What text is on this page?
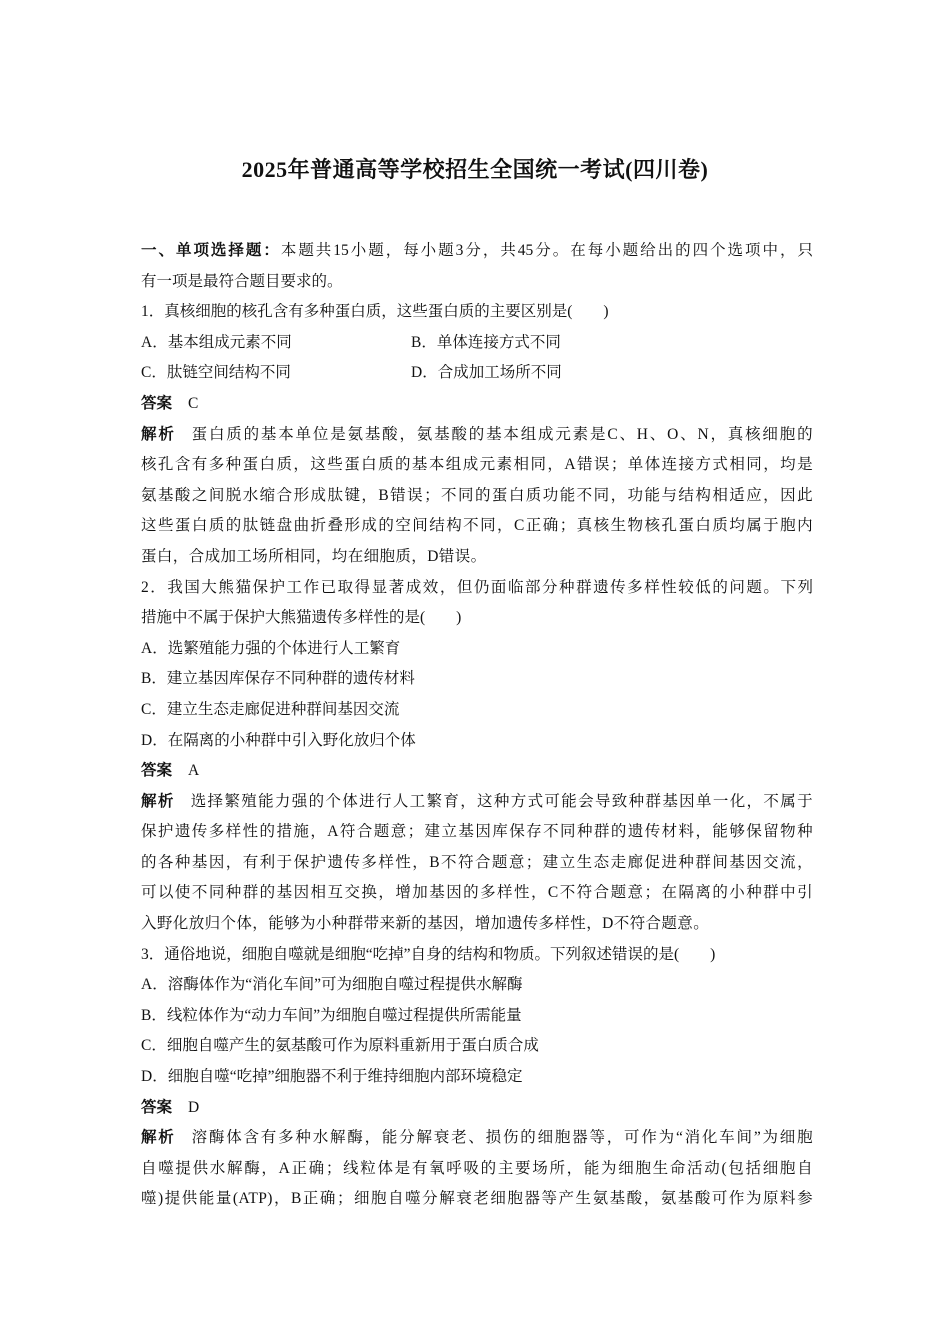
2025年普通高等学校招生全国统一考试(四川卷)
一、单项选择题：本题共15小题，每小题3分，共45分。在每小题给出的四个选项中，只
有一项是最符合题目要求的。
1．真核细胞的核孔含有多种蛋白质，这些蛋白质的主要区别是(　　)
A．基本组成元素不同	B．单体连接方式不同
C．肽链空间结构不同	D．合成加工场所不同
答案 C
解析 蛋白质的基本单位是氨基酸，氨基酸的基本组成元素是C、H、O、N，真核细胞的
核孔含有多种蛋白质，这些蛋白质的基本组成元素相同，A错误；单体连接方式相同，均是
氨基酸之间脱水缩合形成肽键，B错误；不同的蛋白质功能不同，功能与结构相适应，因此
这些蛋白质的肽链盘曲折叠形成的空间结构不同，C正确；真核生物核孔蛋白质均属于胞内
蛋白，合成加工场所相同，均在细胞质，D错误。
2．我国大熊猫保护工作已取得显著成效，但仍面临部分种群遗传多样性较低的问题。下列
措施中不属于保护大熊猫遗传多样性的是(　　)
A．选繁殖能力强的个体进行人工繁育
B．建立基因库保存不同种群的遗传材料
C．建立生态走廊促进种群间基因交流
D．在隔离的小种群中引入野化放归个体
答案 A
解析 选择繁殖能力强的个体进行人工繁育，这种方式可能会导致种群基因单一化，不属于
保护遗传多样性的措施，A符合题意；建立基因库保存不同种群的遗传材料，能够保留物种
的各种基因，有利于保护遗传多样性，B不符合题意；建立生态走廊促进种群间基因交流，
可以使不同种群的基因相互交换，增加基因的多样性，C不符合题意；在隔离的小种群中引
入野化放归个体，能够为小种群带来新的基因，增加遗传多样性，D不符合题意。
3．通俗地说，细胞自噬就是细胞“吃掉”自身的结构和物质。下列叙述错误的是(　　)
A．溶酶体作为“消化车间”可为细胞自噬过程提供水解酶
B．线粒体作为“动力车间”为细胞自噬过程提供所需能量
C．细胞自噬产生的氨基酸可作为原料重新用于蛋白质合成
D．细胞自噬“吃掉”细胞器不利于维持细胞内部环境稳定
答案 D
解析 溶酶体含有多种水解酶，能分解衰老、损伤的细胞器等，可作为“消化车间”为细胞
自噬提供水解酶，A正确；线粒体是有氧呼吸的主要场所，能为细胞生命活动(包括细胞自
噬)提供能量(ATP)，B正确；细胞自噬分解衰老细胞器等产生氨基酸，氨基酸可作为原料参
